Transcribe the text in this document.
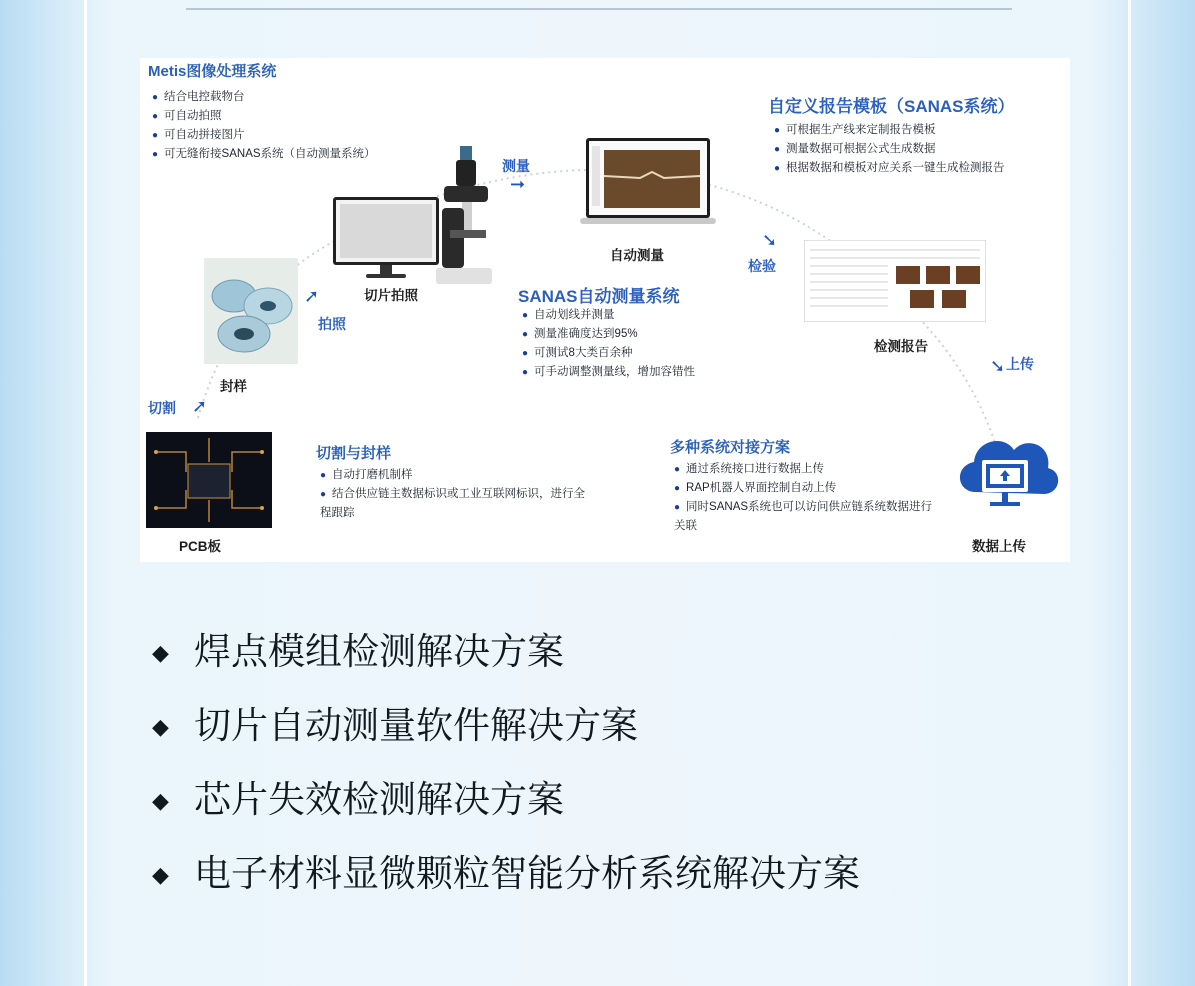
Metis图像处理系统
● 结合电控载物台
● 可自动拍照
● 可自动拼接图片
● 可无缝衔接SANAS系统（自动测量系统）
自定义报告模板（SANAS系统）
● 可根据生产线来定制报告模板
● 测量数据可根据公式生成数据
● 根据数据和模板对应关系一键生成检测报告
PCB板
封样
切片拍照
自动测量
检测报告
数据上传
切割 ➚
➚
拍照
测量
➞
➘
检验
➘ 上传
SANAS自动测量系统
● 自动划线并测量
● 测量准确度达到95%
● 可测试8大类百余种
● 可手动调整测量线，增加容错性
切割与封样
● 自动打磨机制样
● 结合供应链主数据标识或工业互联网标识，进行全程跟踪
多种系统对接方案
● 通过系统接口进行数据上传
● RAP机器人界面控制自动上传
● 同时SANAS系统也可以访问供应链系统数据进行关联
◆ 焊点模组检测解决方案
◆ 切片自动测量软件解决方案
◆ 芯片失效检测解决方案
◆ 电子材料显微颗粒智能分析系统解决方案
